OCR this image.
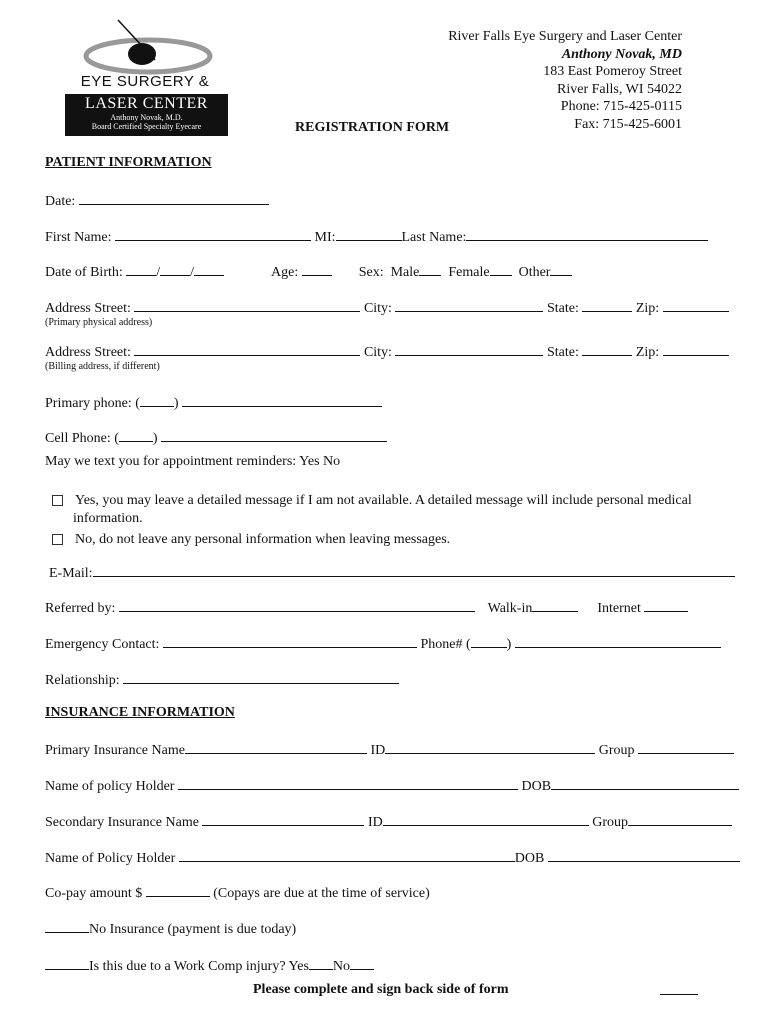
EYE SURGERY &
LASER CENTER
Anthony Novak, M.D.
Board Certified Specialty Eyecare
River Falls Eye Surgery and Laser Center
Anthony Novak, MD
183 East Pomeroy Street
River Falls, WI 54022
Phone: 715-425-0115
Fax: 715-425-6001
REGISTRATION FORM
PATIENT INFORMATION
Date:
First Name:	MI:	Last Name:
Date of Birth: / /	Age:	Sex: Male Female Other
Address Street:	City:	State:	Zip:
(Primary physical address)
Address Street:	City:	State:	Zip:
(Billing address, if different)
Primary phone: ( )
Cell Phone: ( )
May we text you for appointment reminders: Yes No
Yes, you may leave a detailed message if I am not available. A detailed message will include personal medical
information.
No, do not leave any personal information when leaving messages.
E-Mail:
Referred by:	Walk-in	Internet
Emergency Contact:	Phone# (	)
Relationship:
INSURANCE INFORMATION
Primary Insurance Name	ID	Group
Name of policy Holder	DOB
Secondary Insurance Name	ID	Group
Name of Policy Holder	DOB
Co-pay amount $	(Copays are due at the time of service)
No Insurance (payment is due today)
Is this due to a Work Comp injury? Yes No
Please complete and sign back side of form
